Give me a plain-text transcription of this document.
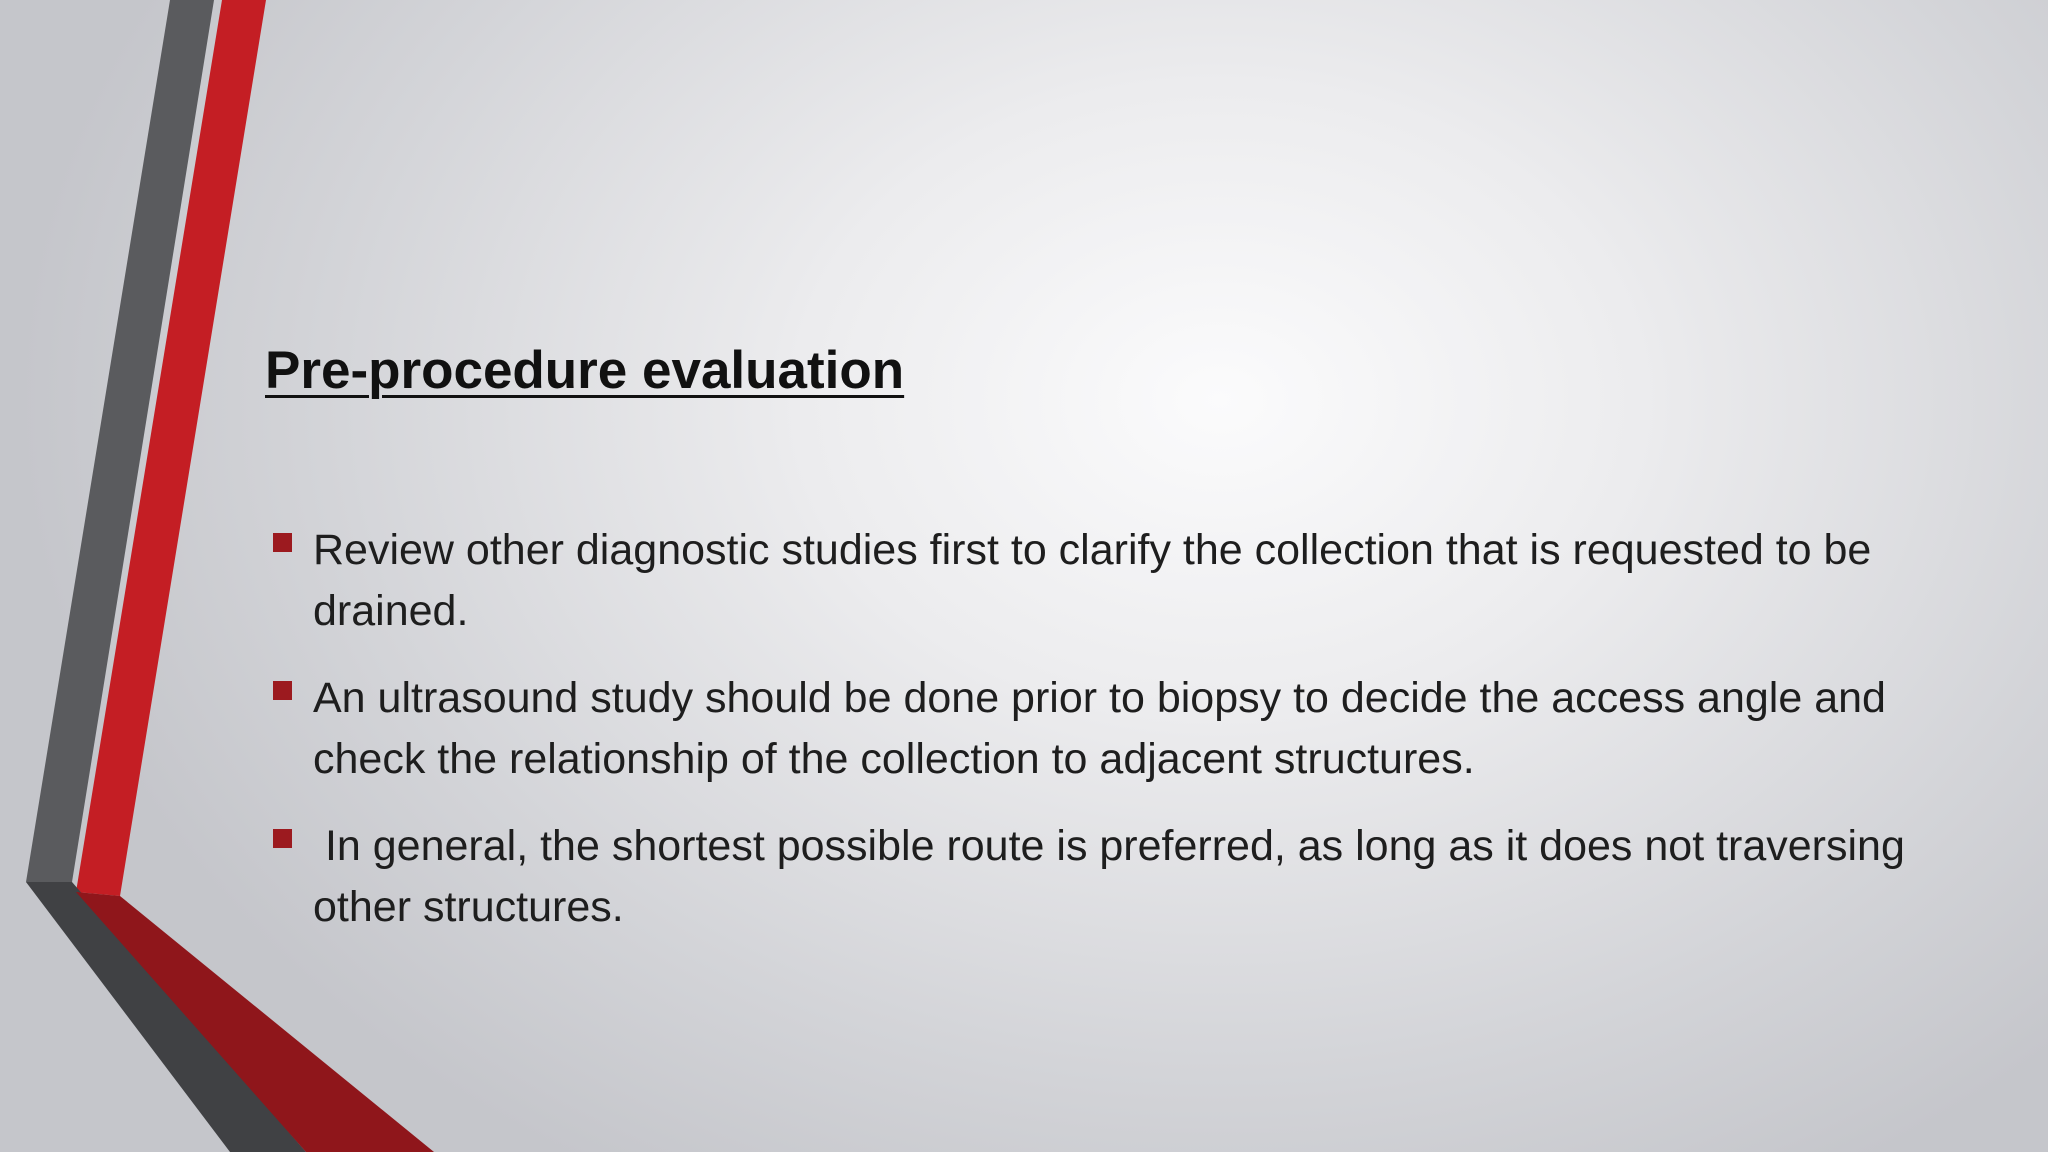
Pre-procedure evaluation
Review other diagnostic studies first to clarify the collection that is requested to be drained.
An ultrasound study should be done prior to biopsy to decide the access angle and check the relationship of the collection to adjacent structures.
In general, the shortest possible route is preferred, as long as it does not traversing other structures.
